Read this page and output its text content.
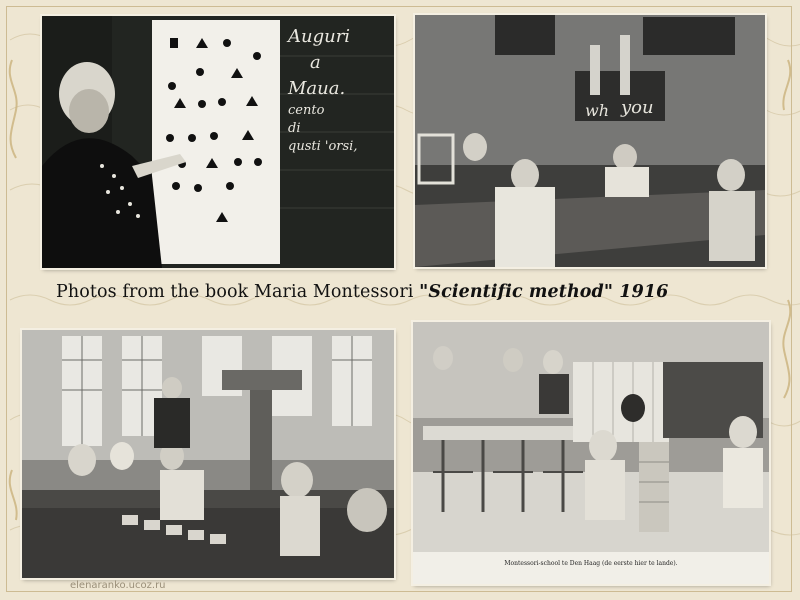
Auguri
a
Maua.
cento
di
qusti 'orsi,
wh you
Photos from the book Maria Montessori "Scientific method" 1916
Montessori-school te Den Haag (de eerste hier te lande).
elenaranko.ucoz.ru
